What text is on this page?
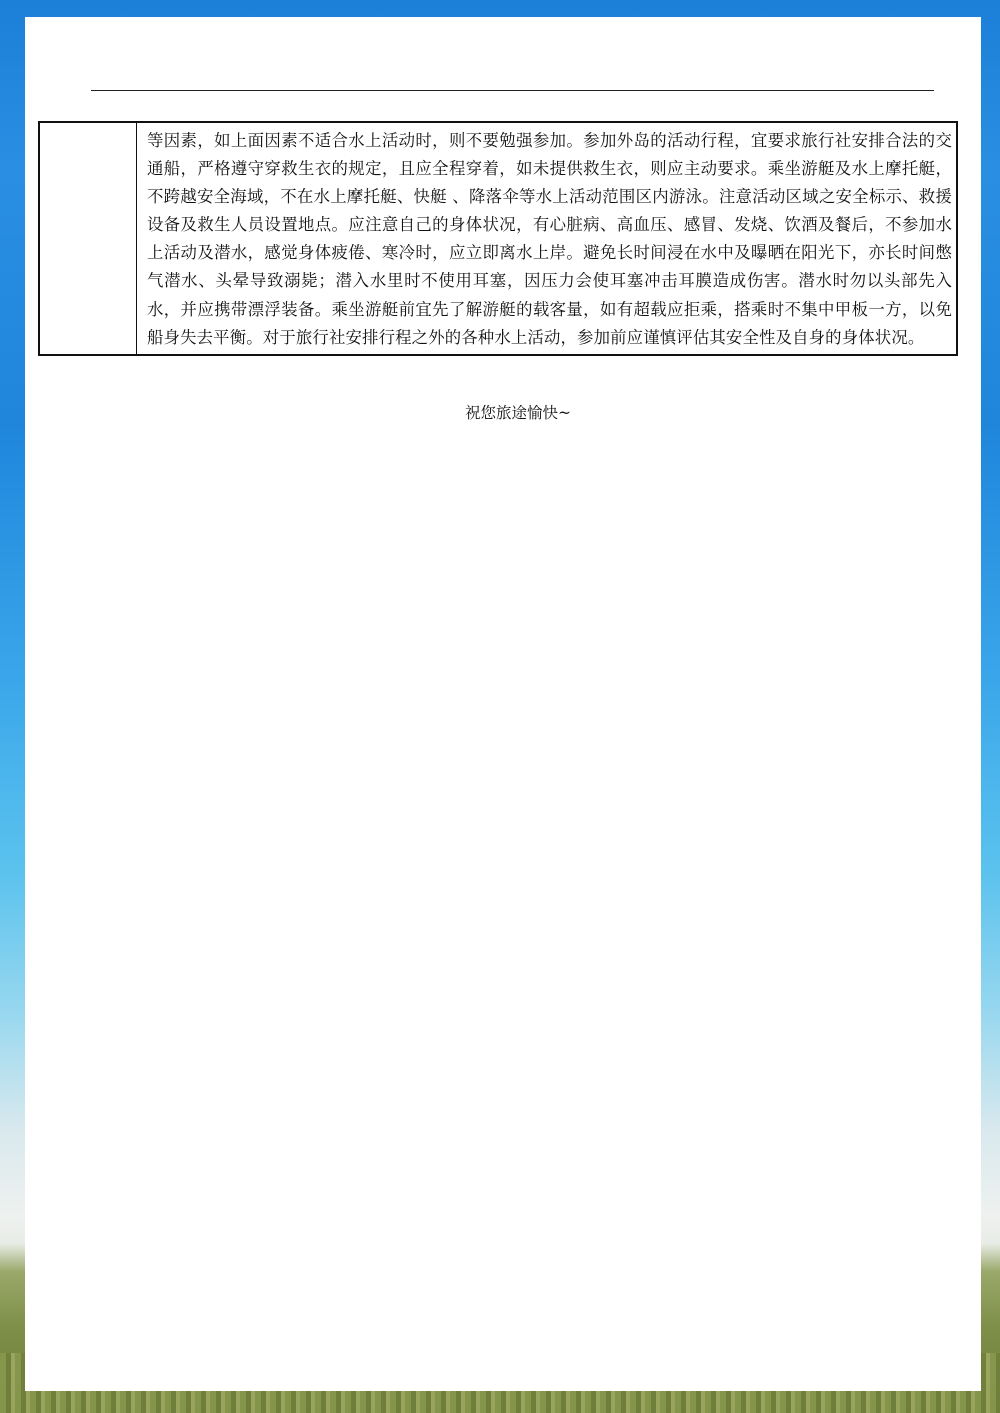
	等因素，如上面因素不适合水上活动时，则不要勉强参加。参加外岛的活动行程，宜要求旅行社安排合法的交通船，严格遵守穿救生衣的规定，且应全程穿着，如未提供救生衣，则应主动要求。乘坐游艇及水上摩托艇，不跨越安全海域，不在水上摩托艇、快艇 、降落伞等水上活动范围区内游泳。注意活动区域之安全标示、救援设备及救生人员设置地点。应注意自己的身体状况，有心脏病、高血压、感冒、发烧、饮酒及餐后，不参加水上活动及潜水，感觉身体疲倦、寒冷时，应立即离水上岸。避免长时间浸在水中及曝晒在阳光下，亦长时间憋气潜水、头晕导致溺毙；潜入水里时不使用耳塞，因压力会使耳塞冲击耳膜造成伤害。潜水时勿以头部先入水，并应携带漂浮装备。乘坐游艇前宜先了解游艇的载客量，如有超载应拒乘，搭乘时不集中甲板一方，以免船身失去平衡。对于旅行社安排行程之外的各种水上活动，参加前应谨慎评估其安全性及自身的身体状况。
祝您旅途愉快~
